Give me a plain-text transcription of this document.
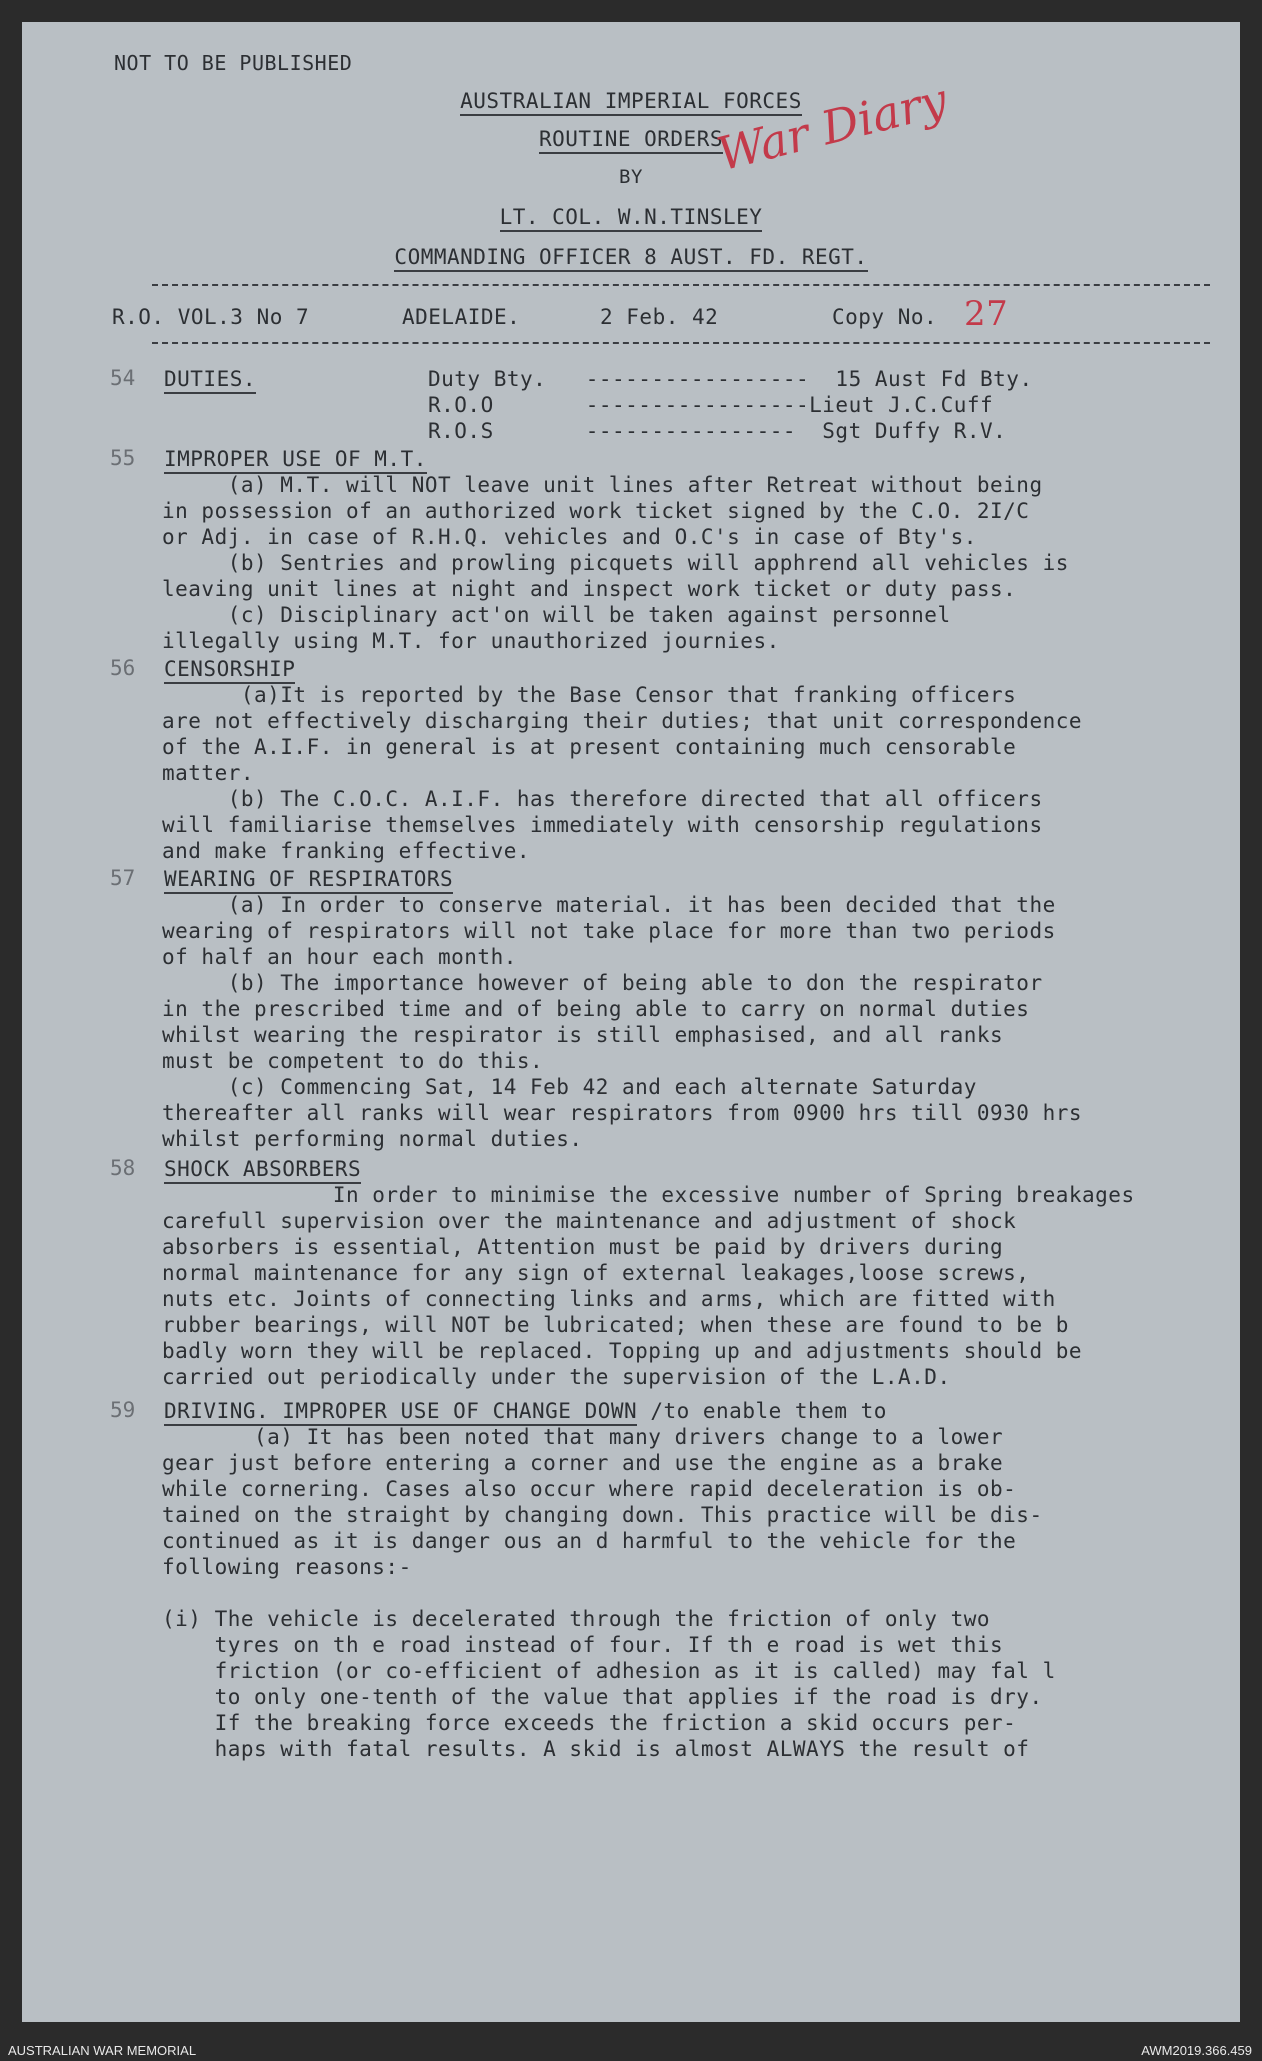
NOT TO BE PUBLISHED
AUSTRALIAN IMPERIAL FORCES
ROUTINE ORDERS
BY
LT. COL. W.N.TINSLEY
COMMANDING OFFICER 8 AUST. FD. REGT.
War Diary
R.O. VOL.3 No 7	ADELAIDE.	2 Feb. 42	Copy No. 27
54 DUTIES.	Duty Bty.   -----------------  15 Aust Fd Bty.
R.O.O       -----------------Lieut J.C.Cuff
R.O.S       ----------------  Sgt Duffy R.V.
55 IMPROPER USE OF M.T.
(a) M.T. will NOT leave unit lines after Retreat without being
in possession of an authorized work ticket signed by the C.O. 2I/C
or Adj. in case of R.H.Q. vehicles and O.C's in case of Bty's.
(b) Sentries and prowling picquets will apphrend all vehicles is
leaving unit lines at night and inspect work ticket or duty pass.
(c) Disciplinary act'on will be taken against personnel
illegally using M.T. for unauthorized journies.
56 CENSORSHIP
(a)It is reported by the Base Censor that franking officers
are not effectively discharging their duties; that unit correspondence
of the A.I.F. in general is at present containing much censorable
matter.
(b) The C.O.C. A.I.F. has therefore directed that all officers
will familiarise themselves immediately with censorship regulations
and make franking effective.
57 WEARING OF RESPIRATORS
(a) In order to conserve material. it has been decided that the
wearing of respirators will not take place for more than two periods
of half an hour each month.
(b) The importance however of being able to don the respirator
in the prescribed time and of being able to carry on normal duties
whilst wearing the respirator is still emphasised, and all ranks
must be competent to do this.
(c) Commencing Sat, 14 Feb 42 and each alternate Saturday
thereafter all ranks will wear respirators from 0900 hrs till 0930 hrs
whilst performing normal duties.
58 SHOCK ABSORBERS
In order to minimise the excessive number of Spring breakages
carefull supervision over the maintenance and adjustment of shock
absorbers is essential, Attention must be paid by drivers during
normal maintenance for any sign of external leakages,loose screws,
nuts etc. Joints of connecting links and arms, which are fitted with
rubber bearings, will NOT be lubricated; when these are found to be b
badly worn they will be replaced. Topping up and adjustments should be
carried out periodically under the supervision of the L.A.D.
59 DRIVING. IMPROPER USE OF CHANGE DOWN /to enable them to
(a) It has been noted that many drivers change to a lower
gear just before entering a corner and use the engine as a brake
while cornering. Cases also occur where rapid deceleration is ob-
tained on the straight by changing down. This practice will be dis-
continued as it is danger ous an d harmful to the vehicle for the
following reasons:-
(i) The vehicle is decelerated through the friction of only two
tyres on th e road instead of four. If th e road is wet this
friction (or co-efficient of adhesion as it is called) may fal l
to only one-tenth of the value that applies if the road is dry.
If the breaking force exceeds the friction a skid occurs per-
haps with fatal results. A skid is almost ALWAYS the result of
AUSTRALIAN WAR MEMORIAL	AWM2019.366.459
